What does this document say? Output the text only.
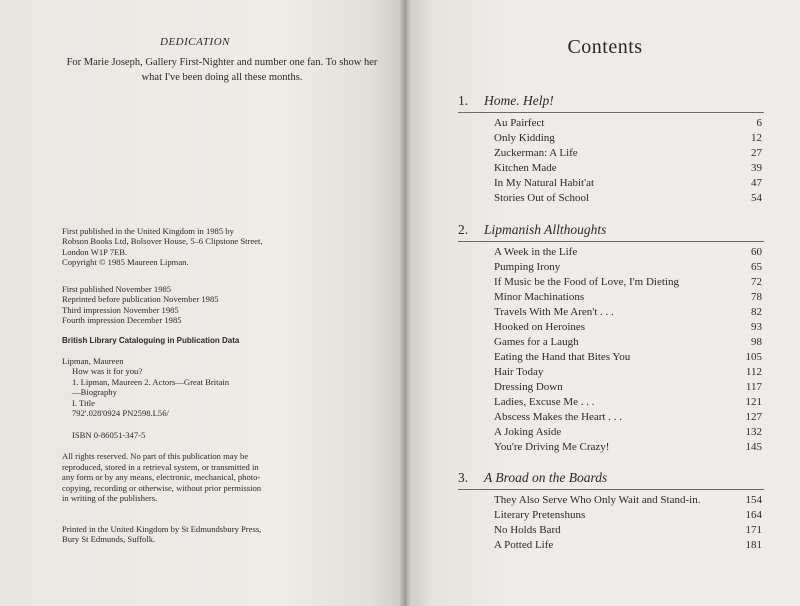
DEDICATION
For Marie Joseph, Gallery First-Nighter and number one fan. To show her what I've been doing all these months.
First published in the United Kingdom in 1985 by
Robson Books Ltd, Bolsover House, 5–6 Clipstone Street,
London W1P 7EB.
Copyright © 1985 Maureen Lipman.
First published November 1985
Reprinted before publication November 1985
Third impression November 1985
Fourth impression December 1985
British Library Cataloguing in Publication Data
Lipman, Maureen
How was it for you?
1. Lipman, Maureen 2. Actors—Great Britain
—Biography
I. Title
792'.028'0924 PN2598.L56/
ISBN 0-86051-347-5
All rights reserved. No part of this publication may be
reproduced, stored in a retrieval system, or transmitted in
any form or by any means, electronic, mechanical, photo-
copying, recording or otherwise, without prior permission
in writing of the publishers.
Printed in the United Kingdom by St Edmundsbury Press,
Bury St Edmunds, Suffolk.
Contents
1. Home. Help!
Au Pairfect	6
Only Kidding	12
Zuckerman: A Life	27
Kitchen Made	39
In My Natural Habit'at	47
Stories Out of School	54
2. Lipmanish Allthoughts
A Week in the Life	60
Pumping Irony	65
If Music be the Food of Love, I'm Dieting	72
Minor Machinations	78
Travels With Me Aren't . . .	82
Hooked on Heroines	93
Games for a Laugh	98
Eating the Hand that Bites You	105
Hair Today	112
Dressing Down	117
Ladies, Excuse Me . . .	121
Abscess Makes the Heart . . .	127
A Joking Aside	132
You're Driving Me Crazy!	145
3. A Broad on the Boards
They Also Serve Who Only Wait and Stand-in.	154
Literary Pretenshuns	164
No Holds Bard	171
A Potted Life	181
